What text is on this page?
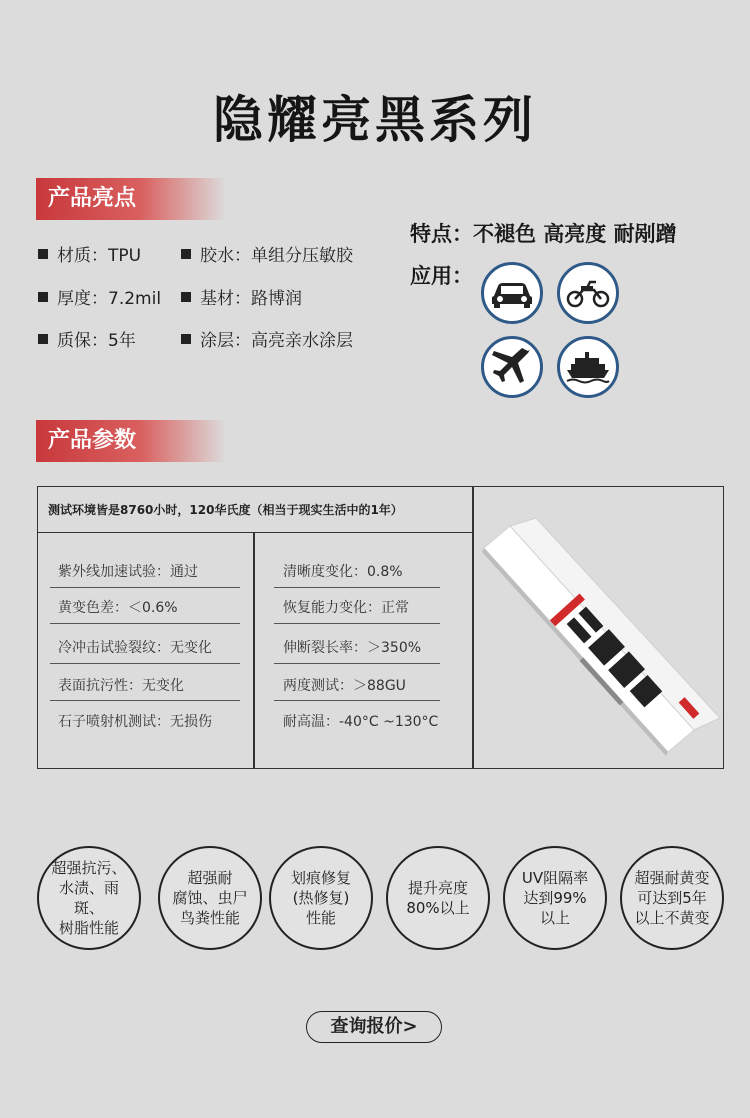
隐耀亮黑系列
产品亮点
材质：TPU	胶水：单组分压敏胶
厚度：7.2mil 基材：路博润
质保：5年	涂层：高亮亲水涂层
特点：不褪色 高亮度 耐剐蹭
应用：
产品参数
测试环境皆是8760小时，120华氏度（相当于现实生活中的1年）
紫外线加速试验：通过
黄变色差：＜0.6%
冷冲击试验裂纹：无变化
表面抗污性：无变化
石子喷射机测试：无损伤
清晰度变化：0.8%
恢复能力变化：正常
伸断裂长率：＞350%
两度测试：＞88GU
耐高温：-40°C ~130°C
超强抗污、
水渍、雨斑、
树脂性能
超强耐
腐蚀、虫尸
鸟粪性能
划痕修复
(热修复)
性能
提升亮度
80%以上
UV阻隔率
达到99%
以上
超强耐黄变
可达到5年
以上不黄变
查询报价>
